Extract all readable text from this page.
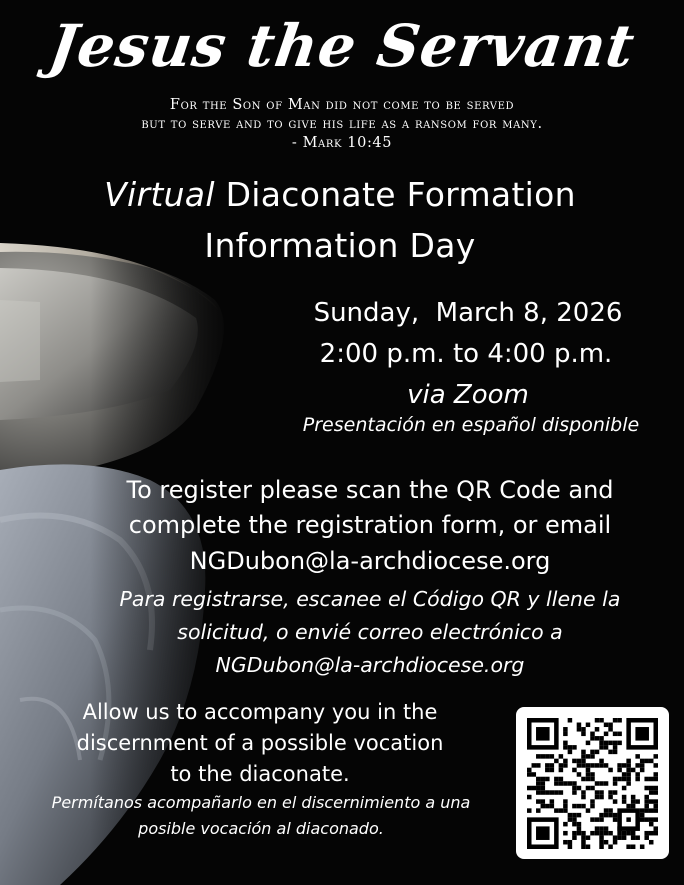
Jesus the Servant
For the Son of Man did not come to be served
but to serve and to give his life as a ransom for many.
- Mark 10:45
Virtual Diaconate Formation
Information Day
Sunday,  March 8, 2026
2:00 p.m. to 4:00 p.m.
via Zoom
Presentación en español disponible
To register please scan the QR Code and
complete the registration form, or email
NGDubon@la-archdiocese.org
Para registrarse, escanee el Código QR y llene la
solicitud, o envié correo electrónico a
NGDubon@la-archdiocese.org
Allow us to accompany you in the
discernment of a possible vocation
to the diaconate.
Permítanos acompañarlo en el discernimiento a una
posible vocación al diaconado.
